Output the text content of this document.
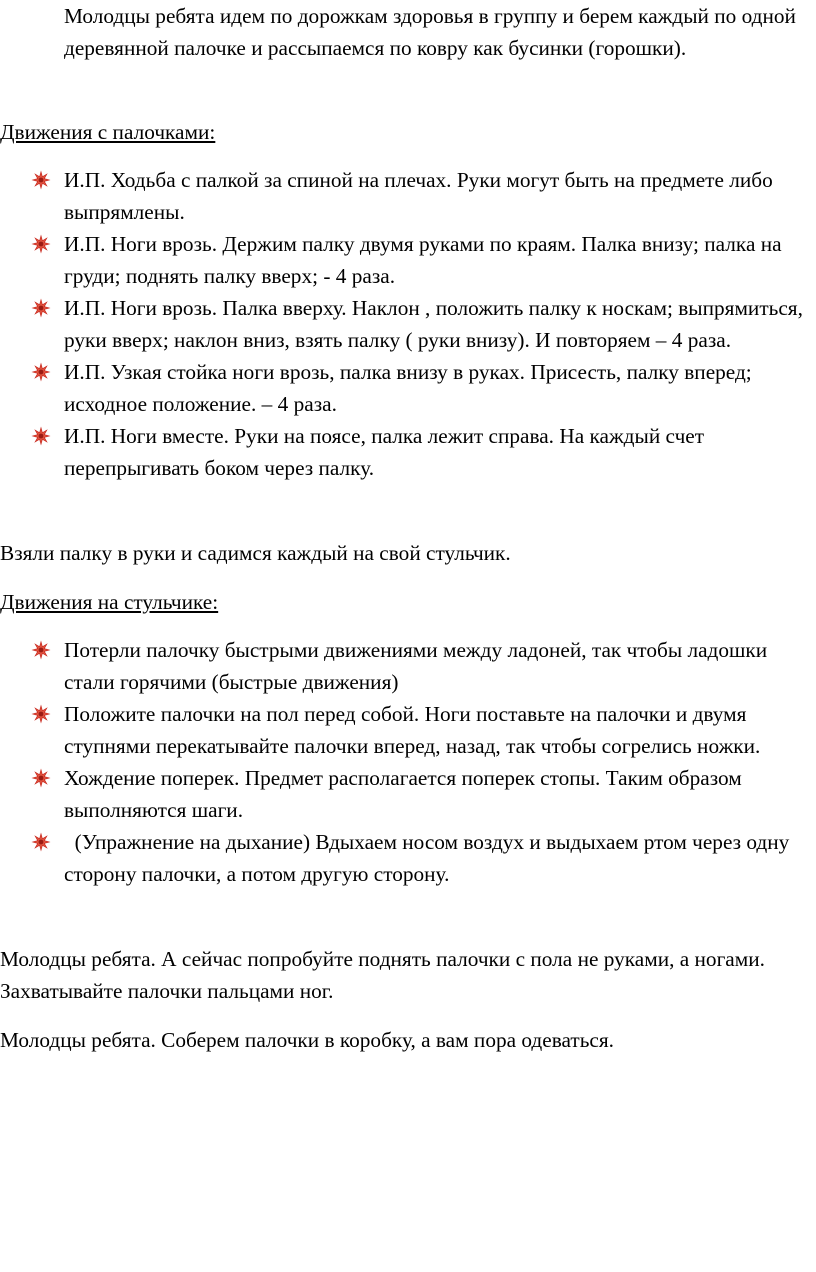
Молодцы ребята идем по дорожкам здоровья в группу и берем каждый по одной деревянной палочке и рассыпаемся по ковру как бусинки (горошки).

Движения с палочками:

И.П. Ходьба с палкой за спиной на плечах. Руки могут быть на предмете либо выпрямлены.
И.П. Ноги врозь. Держим палку двумя руками по краям. Палка внизу; палка на груди; поднять палку вверх; - 4 раза.
И.П. Ноги врозь. Палка вверху. Наклон , положить палку к носкам; выпрямиться, руки вверх; наклон вниз, взять палку ( руки внизу). И повторяем – 4 раза.
И.П. Узкая стойка ноги врозь, палка внизу в руках. Присесть, палку вперед; исходное положение. – 4 раза.
И.П. Ноги вместе. Руки на поясе, палка лежит справа. На каждый счет перепрыгивать боком через палку.

Взяли палку в руки и садимся каждый на свой стульчик.

Движения на стульчике:

Потерли палочку быстрыми движениями между ладоней, так чтобы ладошки стали горячими (быстрые движения)
Положите палочки на пол перед собой. Ноги поставьте на палочки и двумя ступнями перекатывайте палочки вперед, назад, так чтобы согрелись ножки.
Хождение поперек. Предмет располагается поперек стопы. Таким образом выполняются шаги.
(Упражнение на дыхание) Вдыхаем носом воздух и выдыхаем ртом через одну сторону палочки, а потом другую сторону.

Молодцы ребята. А сейчас попробуйте поднять палочки с пола не руками, а ногами. Захватывайте палочки пальцами ног.

Молодцы ребята. Соберем палочки в коробку, а вам пора одеваться.
